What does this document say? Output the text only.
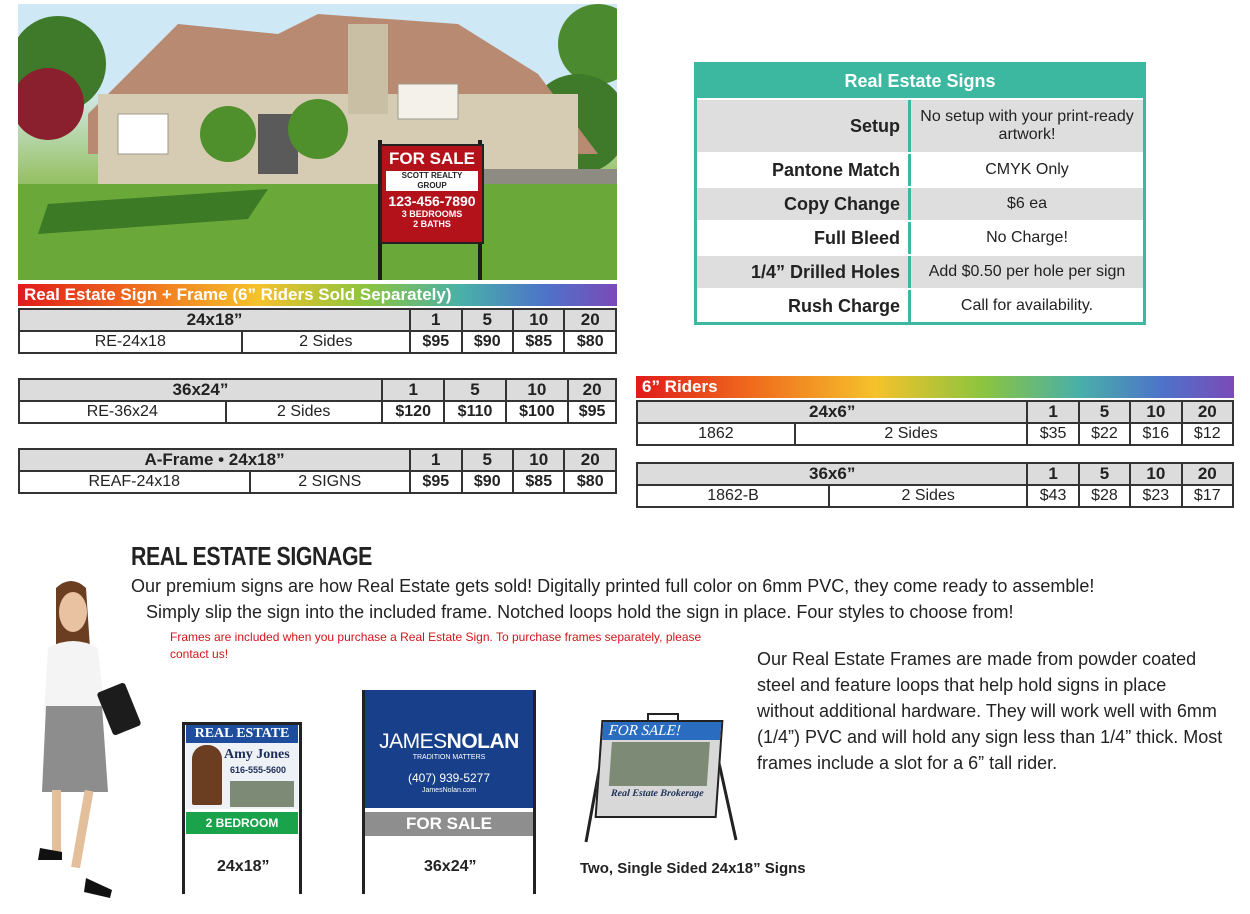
FOR SALE
SCOTT REALTY GROUP
123-456-7890
3 BEDROOMS
2 BATHS
Real Estate Sign + Frame (6” Riders Sold Separately)
24x18”		1	5	10	20
RE-24x18	2 Sides	$95	$90	$85	$80
36x24”		1	5	10	20
RE-36x24	2 Sides	$120	$110	$100	$95
A-Frame • 24x18”		1	5	10	20
REAF-24x18	2 SIGNS	$95	$90	$85	$80
Real Estate Signs
Setup	No setup with your print-ready artwork!
Pantone Match	CMYK Only
Copy Change	$6 ea
Full Bleed	No Charge!
1/4” Drilled Holes	Add $0.50 per hole per sign
Rush Charge	Call for availability.
6” Riders
24x6”		1	5	10	20
1862	2 Sides	$35	$22	$16	$12
36x6”		1	5	10	20
1862-B	2 Sides	$43	$28	$23	$17
REAL ESTATE SIGNAGE
Our premium signs are how Real Estate gets sold! Digitally printed full color on 6mm PVC, they come ready to assemble!
Simply slip the sign into the included frame. Notched loops hold the sign in place. Four styles to choose from!
Frames are included when you purchase a Real Estate Sign. To purchase frames separately, please contact us!	Our Real Estate Frames are made from powder coated steel and feature loops that help hold signs in place without additional hardware. They will work well with 6mm (1/4”) PVC and will hold any sign less than 1/4” thick. Most frames include a slot for a 6” tall rider.
REAL ESTATE
Amy Jones
616-555-5600
2 BEDROOM
24x18”
JAMESNOLAN
TRADITION MATTERS
(407) 939-5277
JamesNolan.com
FOR SALE
36x24”
FOR SALE!
Real Estate Brokerage
Two, Single Sided 24x18” Signs
